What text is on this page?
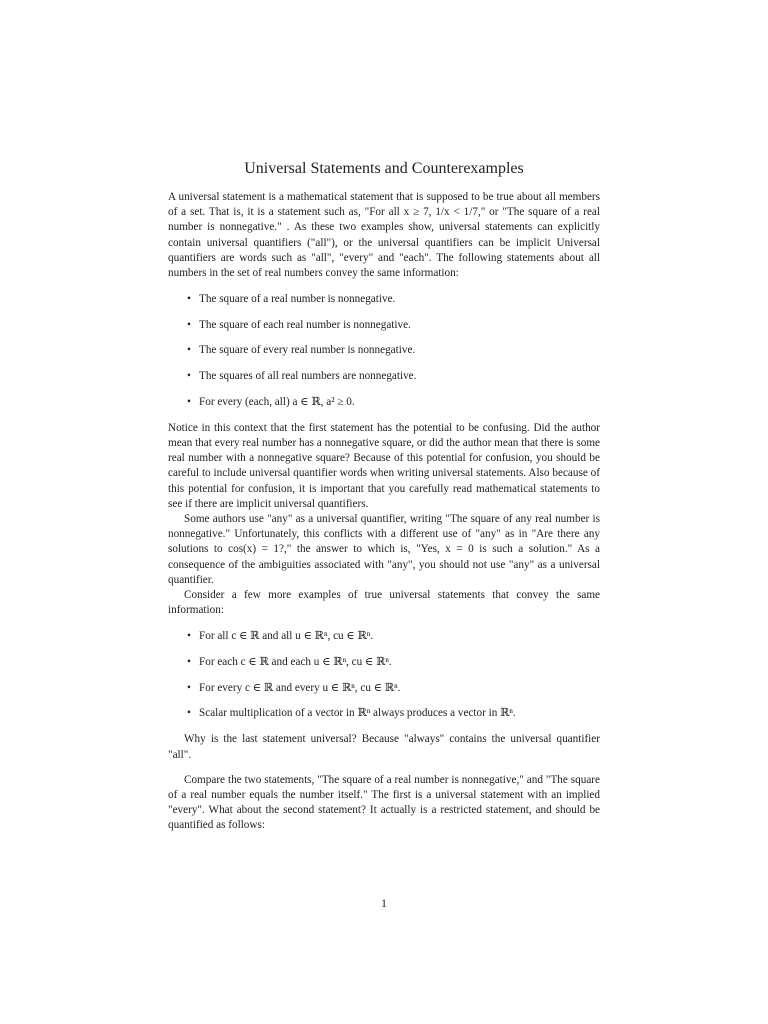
Universal Statements and Counterexamples

A universal statement is a mathematical statement that is supposed to be true about all members of a set. That is, it is a statement such as, "For all x ≥ 7, 1/x < 1/7," or "The square of a real number is nonnegative." . As these two examples show, universal statements can explicitly contain universal quantifiers ("all"), or the universal quantifiers can be implicit Universal quantifiers are words such as "all", "every" and "each". The following statements about all numbers in the set of real numbers convey the same information:

• The square of a real number is nonnegative.
• The square of each real number is nonnegative.
• The square of every real number is nonnegative.
• The squares of all real numbers are nonnegative.
• For every (each, all) a ∈ ℝ, a² ≥ 0.

Notice in this context that the first statement has the potential to be confusing. Did the author mean that every real number has a nonnegative square, or did the author mean that there is some real number with a nonnegative square? Because of this potential for confusion, you should be careful to include universal quantifier words when writing universal statements. Also because of this potential for confusion, it is important that you carefully read mathematical statements to see if there are implicit universal quantifiers.

Some authors use "any" as a universal quantifier, writing "The square of any real number is nonnegative." Unfortunately, this conflicts with a different use of "any" as in "Are there any solutions to cos(x) = 1?," the answer to which is, "Yes, x = 0 is such a solution." As a consequence of the ambiguities associated with "any", you should not use "any" as a universal quantifier.

Consider a few more examples of true universal statements that convey the same information:

• For all c ∈ ℝ and all u ∈ ℝⁿ, cu ∈ ℝⁿ.
• For each c ∈ ℝ and each u ∈ ℝⁿ, cu ∈ ℝⁿ.
• For every c ∈ ℝ and every u ∈ ℝⁿ, cu ∈ ℝⁿ.
• Scalar multiplication of a vector in ℝⁿ always produces a vector in ℝⁿ.

Why is the last statement universal? Because "always" contains the universal quantifier "all".

Compare the two statements, "The square of a real number is nonnegative," and "The square of a real number equals the number itself." The first is a universal statement with an implied "every". What about the second statement? It actually is a restricted statement, and should be quantified as follows:

1
